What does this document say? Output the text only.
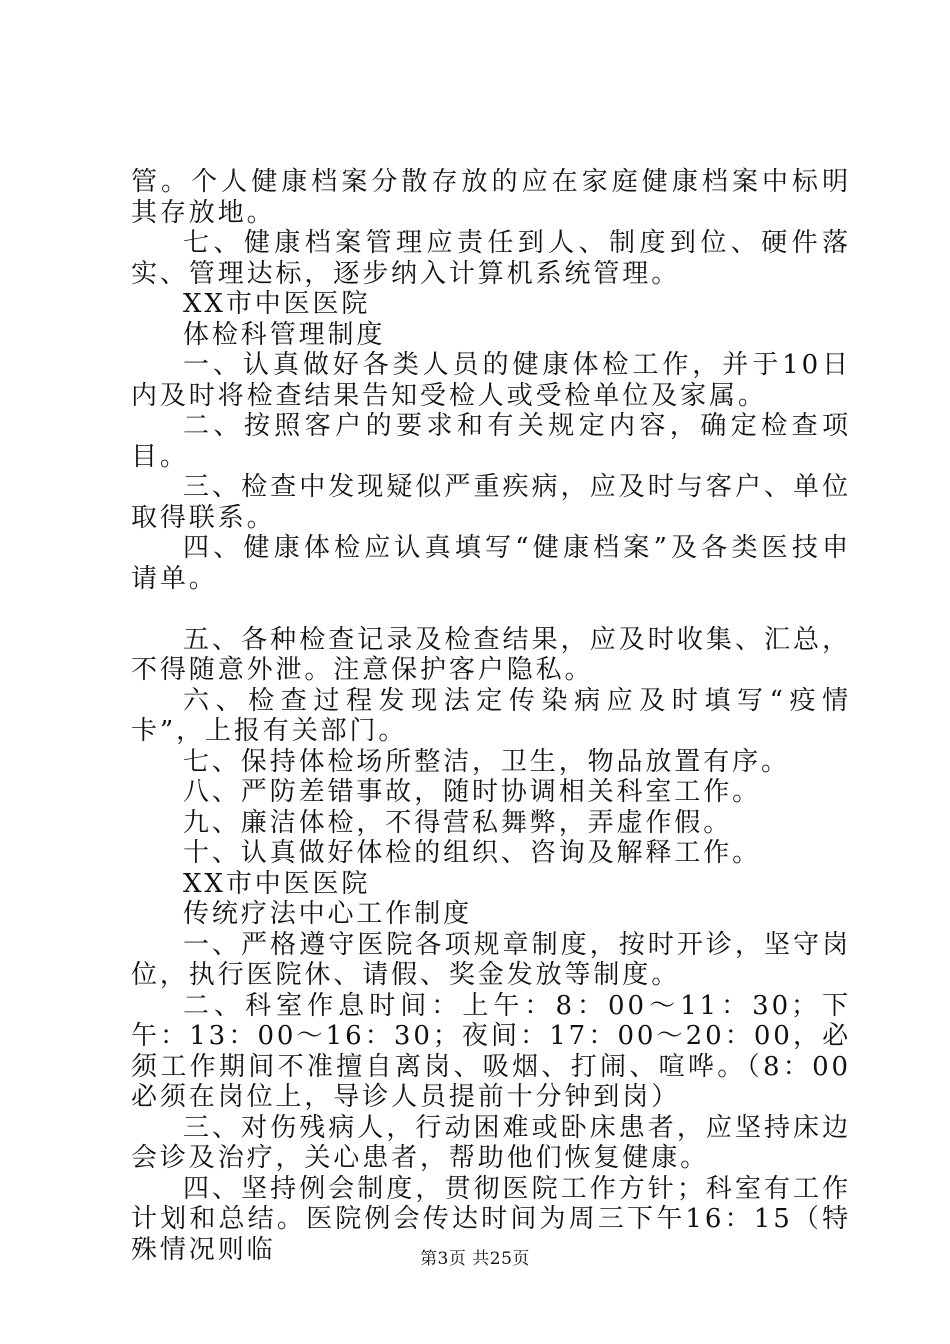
管。个人健康档案分散存放的应在家庭健康档案中标明其存放地。

七、健康档案管理应责任到人、制度到位、硬件落实、管理达标，逐步纳入计算机系统管理。

XX市中医医院

体检科管理制度

一、认真做好各类人员的健康体检工作，并于10日内及时将检查结果告知受检人或受检单位及家属。

二、按照客户的要求和有关规定内容，确定检查项目。

三、检查中发现疑似严重疾病，应及时与客户、单位取得联系。

四、健康体检应认真填写“健康档案”及各类医技申请单。

五、各种检查记录及检查结果，应及时收集、汇总，不得随意外泄。注意保护客户隐私。

六、检查过程发现法定传染病应及时填写“疫情卡”，上报有关部门。

七、保持体检场所整洁，卫生，物品放置有序。

八、严防差错事故，随时协调相关科室工作。

九、廉洁体检，不得营私舞弊，弄虚作假。

十、认真做好体检的组织、咨询及解释工作。

XX市中医医院

传统疗法中心工作制度

一、严格遵守医院各项规章制度，按时开诊，坚守岗位，执行医院休、请假、奖金发放等制度。

二、科室作息时间：上午：8：00～11：30；下午：13：00～16：30；夜间：17：00～20：00，必须工作期间不准擅自离岗、吸烟、打闹、喧哗。（8：00必须在岗位上，导诊人员提前十分钟到岗）

三、对伤残病人，行动困难或卧床患者，应坚持床边会诊及治疗，关心患者，帮助他们恢复健康。

四、坚持例会制度，贯彻医院工作方针；科室有工作计划和总结。医院例会传达时间为周三下午16：15（特殊情况则临	第3页 共25页
